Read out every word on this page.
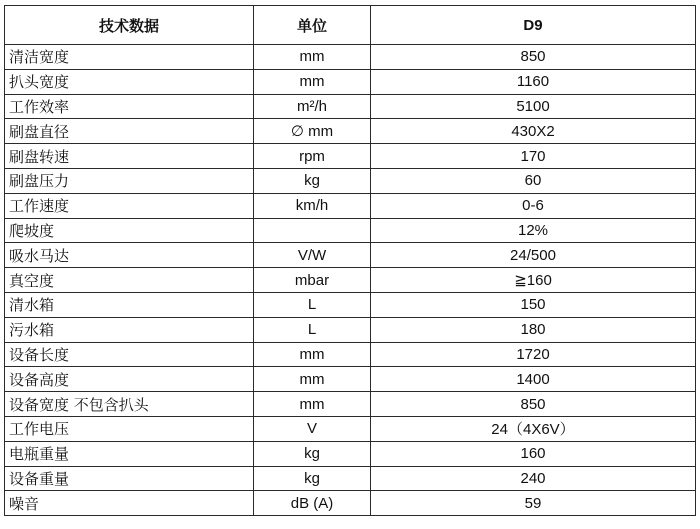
技术数据	单位	D9
清洁宽度	mm	850
扒头宽度	mm	1160
工作效率	m²/h	5100
刷盘直径	∅ mm	430X2
刷盘转速	rpm	170
刷盘压力	kg	60
工作速度	km/h	0-6
爬坡度		12%
吸水马达	V/W	24/500
真空度	mbar	≧160
清水箱	L	150
污水箱	L	180
设备长度	mm	1720
设备高度	mm	1400
设备宽度 不包含扒头	mm	850
工作电压	V	24（4X6V）
电瓶重量	kg	160
设备重量	kg	240
噪音	dB (A)	59
